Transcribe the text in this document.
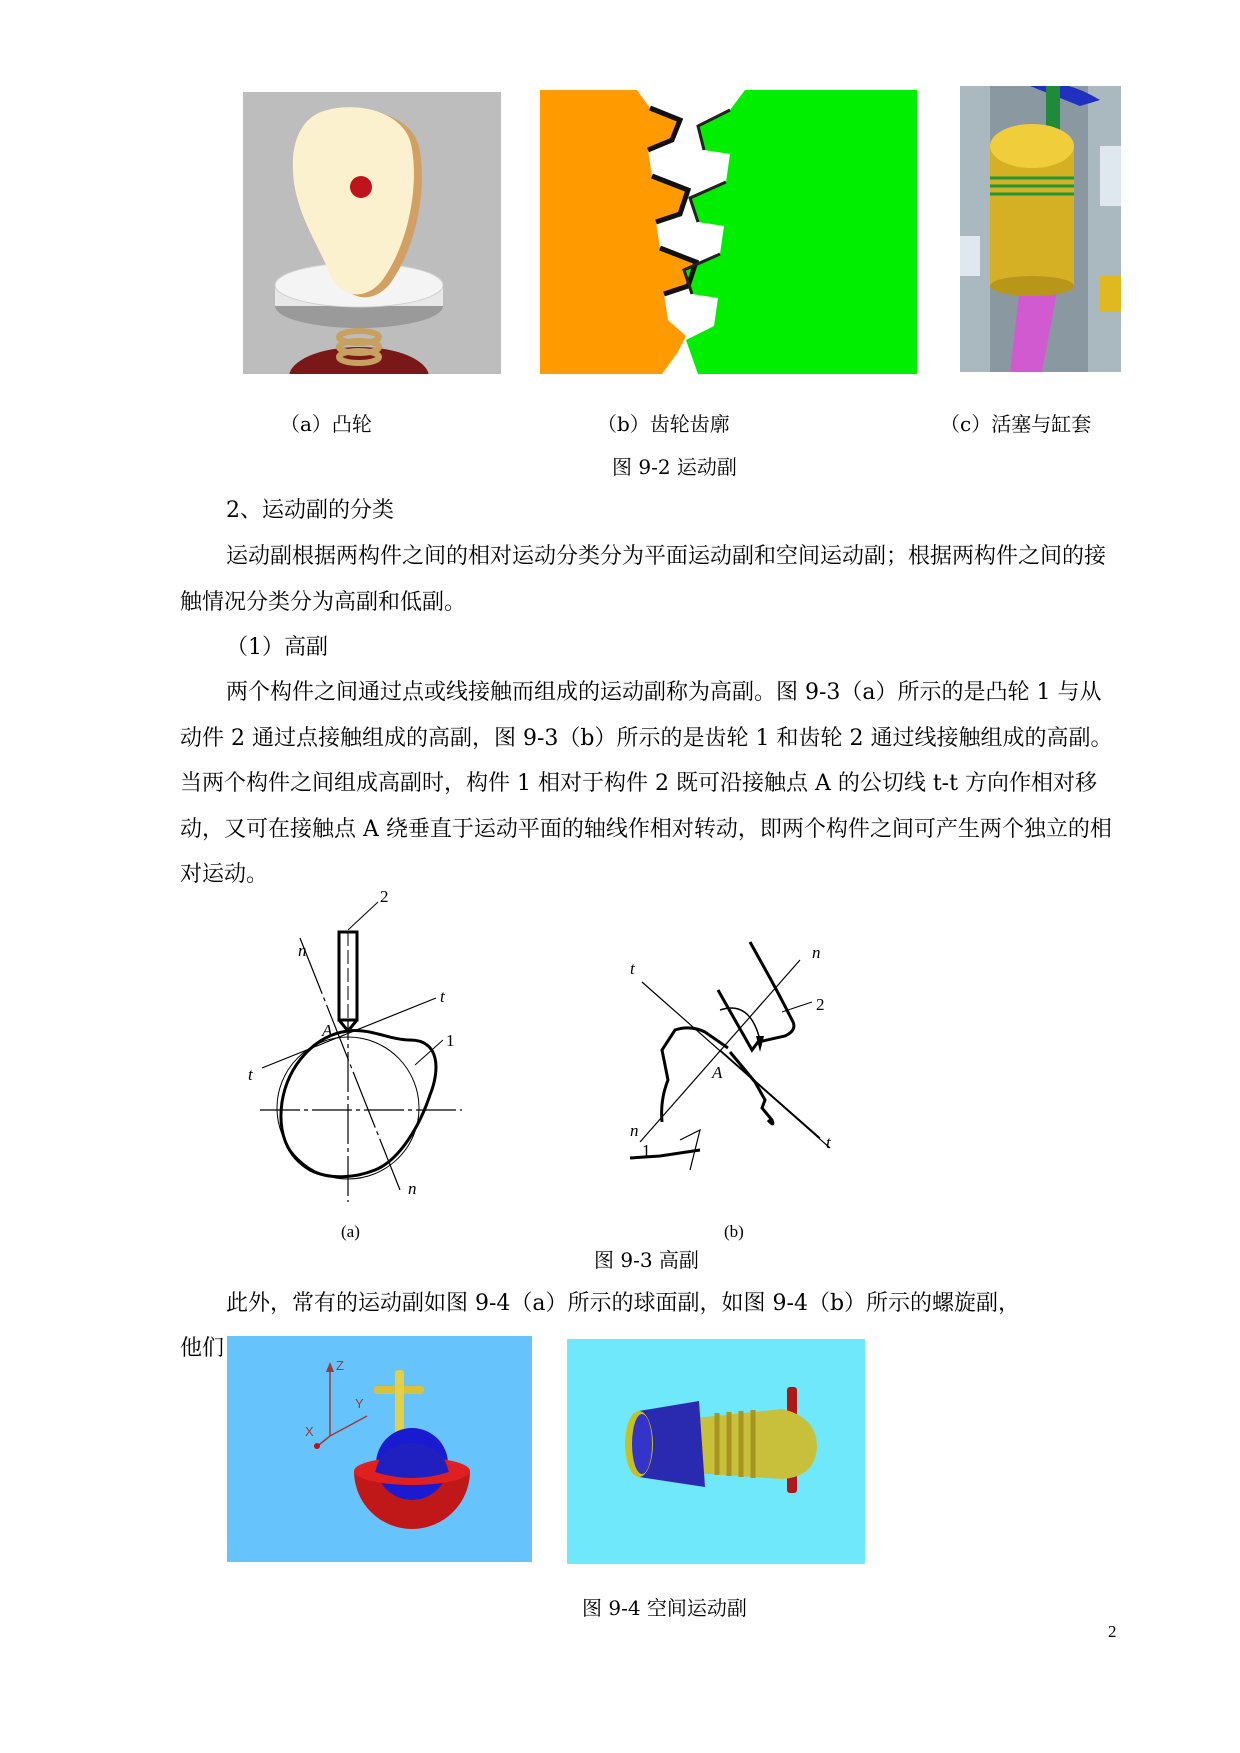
（a）凸轮	（b）齿轮齿廓	（c）活塞与缸套
图 9-2 运动副
2、运动副的分类
运动副根据两构件之间的相对运动分类分为平面运动副和空间运动副；根据两构件之间的接触情况分类分为高副和低副。
（1）高副
两个构件之间通过点或线接触而组成的运动副称为高副。图 9-3（a）所示的是凸轮 1 与从动件 2 通过点接触组成的高副，图 9-3（b）所示的是齿轮 1 和齿轮 2 通过线接触组成的高副。当两个构件之间组成高副时，构件 1 相对于构件 2 既可沿接触点 A 的公切线 t-t 方向作相对移动，又可在接触点 A 绕垂直于运动平面的轴线作相对转动，即两个构件之间可产生两个独立的相对运动。
2
1
A
n
n
t
t	2
1
A
n
n
t
t
(a)	(b)
图 9-3 高副
此外，常有的运动副如图 9-4（a）所示的球面副，如图 9-4（b）所示的螺旋副，
他们
Z
Y
X
图 9-4 空间运动副
2
